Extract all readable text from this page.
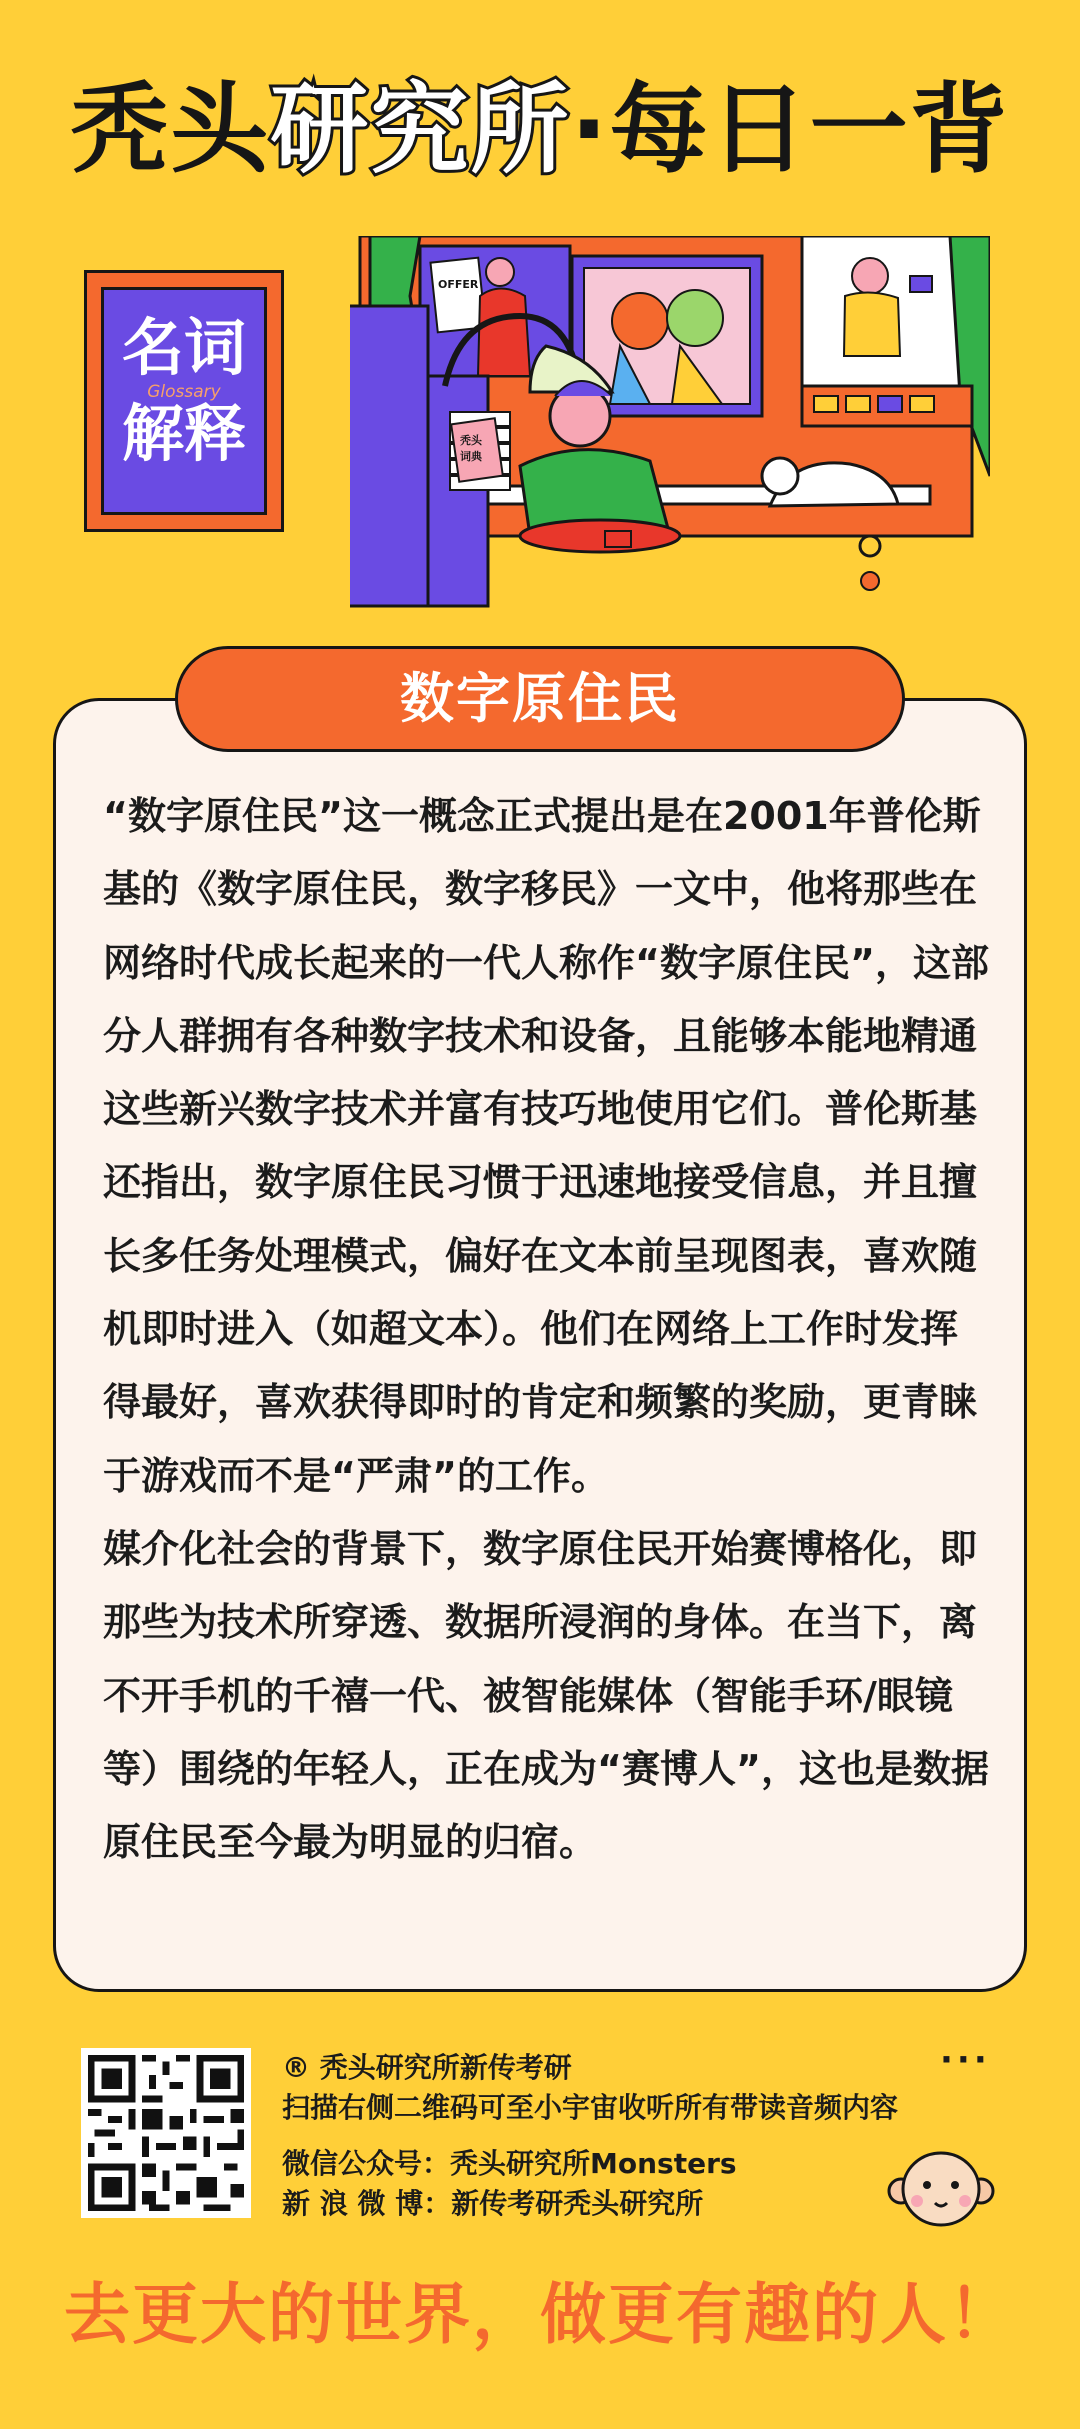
秃头研究所·每日一背
名词
Glossary
解释
OFFER
秃头
词典
数字原住民

“数字原住民”这一概念正式提出是在2001年普伦斯基的《数字原住民，数字移民》一文中，他将那些在网络时代成长起来的一代人称作“数字原住民”，这部分人群拥有各种数字技术和设备，且能够本能地精通这些新兴数字技术并富有技巧地使用它们。普伦斯基还指出，数字原住民习惯于迅速地接受信息，并且擅长多任务处理模式，偏好在文本前呈现图表，喜欢随机即时进入（如超文本）。他们在网络上工作时发挥得最好，喜欢获得即时的肯定和频繁的奖励，更青睐于游戏而不是“严肃”的工作。

媒介化社会的背景下，数字原住民开始赛博格化，即那些为技术所穿透、数据所浸润的身体。在当下，离不开手机的千禧一代、被智能媒体（智能手环/眼镜等）围绕的年轻人，正在成为“赛博人”，这也是数据原住民至今最为明显的归宿。

® 秃头研究所新传考研
扫描右侧二维码可至小宇宙收听所有带读音频内容
微信公众号：秃头研究所Monsters
新 浪 微 博：新传考研秃头研究所
···
去更大的世界，做更有趣的人！
